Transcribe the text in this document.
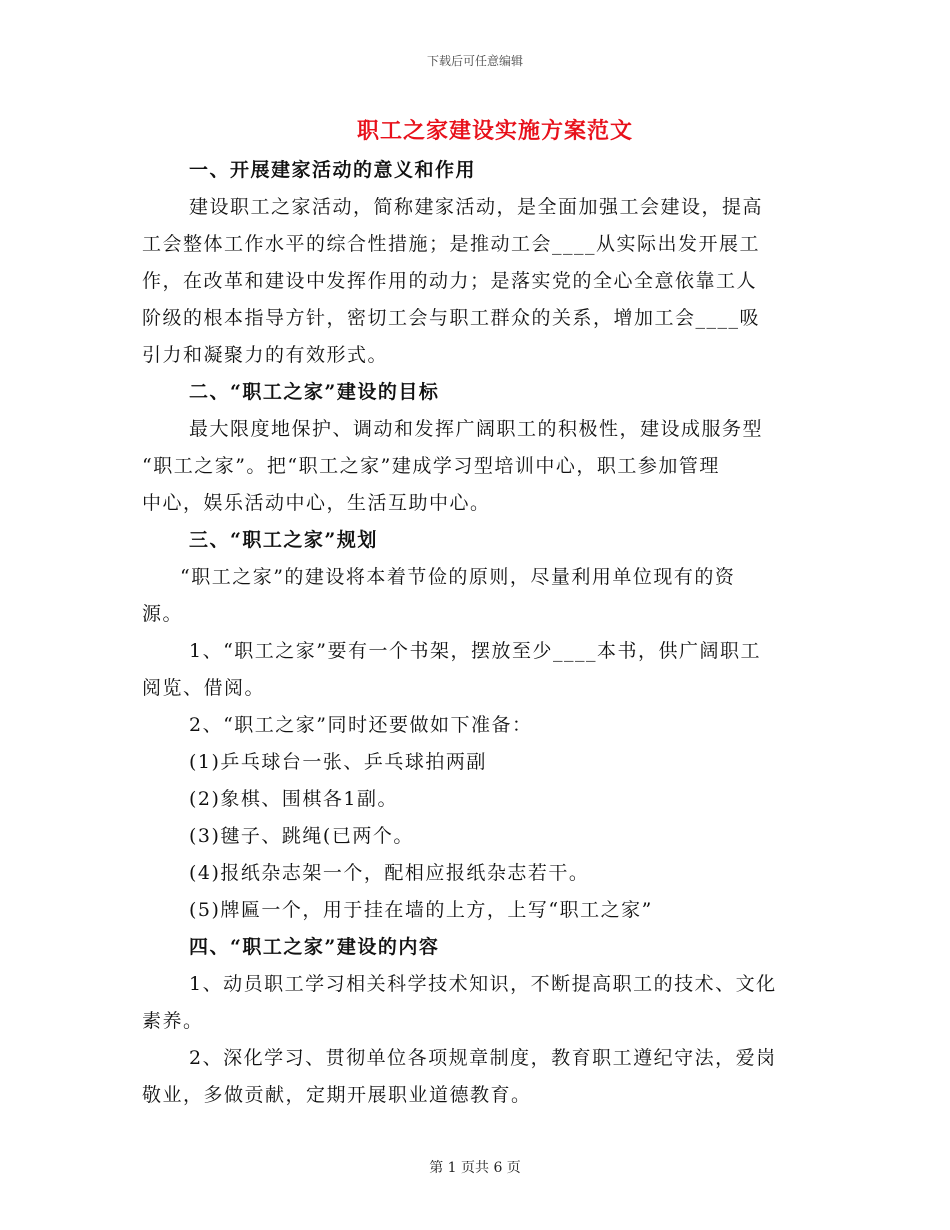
下载后可任意编辑
职工之家建设实施方案范文
一、开展建家活动的意义和作用
建设职工之家活动，简称建家活动，是全面加强工会建设，提高
工会整体工作水平的综合性措施；是推动工会____从实际出发开展工
作，在改革和建设中发挥作用的动力；是落实党的全心全意依靠工人
阶级的根本指导方针，密切工会与职工群众的关系，增加工会____吸
引力和凝聚力的有效形式。
二、“职工之家”建设的目标
最大限度地保护、调动和发挥广阔职工的积极性，建设成服务型
“职工之家”。把“职工之家”建成学习型培训中心，职工参加管理
中心，娱乐活动中心，生活互助中心。
三、“职工之家”规划
“职工之家”的建设将本着节俭的原则，尽量利用单位现有的资
源。
1、“职工之家”要有一个书架，摆放至少____本书，供广阔职工
阅览、借阅。
2、“职工之家”同时还要做如下准备：
(1)乒乓球台一张、乒乓球拍两副
(2)象棋、围棋各1副。
(3)毽子、跳绳(已两个。
(4)报纸杂志架一个，配相应报纸杂志若干。
(5)牌匾一个，用于挂在墙的上方，上写“职工之家”
四、“职工之家”建设的内容
1、动员职工学习相关科学技术知识，不断提高职工的技术、文化
素养。
2、深化学习、贯彻单位各项规章制度，教育职工遵纪守法，爱岗
敬业，多做贡献，定期开展职业道德教育。
第 1 页共 6 页
